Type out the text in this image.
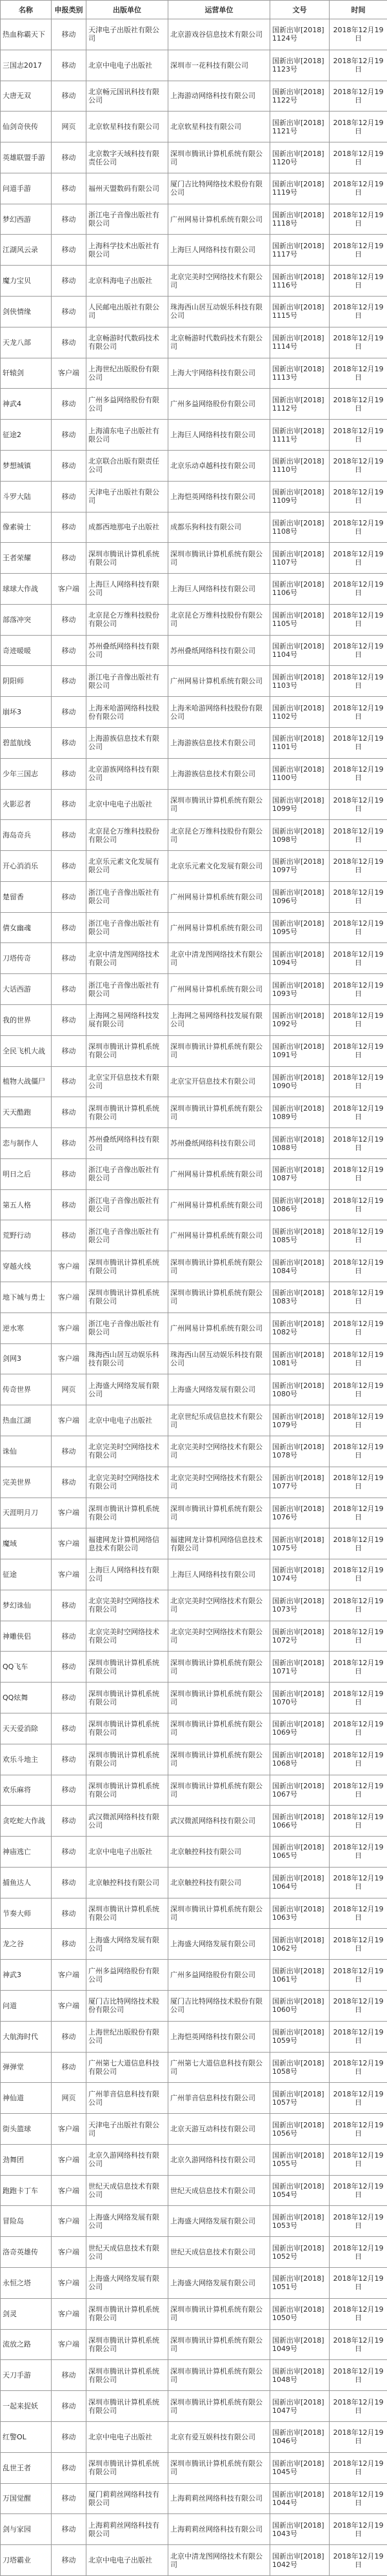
名称	申报类别	出版单位	运营单位	文号	时间
热血称霸天下	移动	天津电子出版社有限公司	北京游戏谷信息技术有限公司	国新出审[2018]1124号	2018年12月19日
三国志2017	移动	北京中电电子出版社	深圳市一花科技有限公司	国新出审[2018]1123号	2018年12月19日
大唐无双	移动	北京畅元国讯科技有限公司	上海游动网络科技有限公司	国新出审[2018]1122号	2018年12月19日
仙剑奇侠传	网页	北京软星科技有限公司	北京软星科技有限公司	国新出审[2018]1121号	2018年12月19日
英雄联盟手游	移动	北京数字天域科技有限责任公司	深圳市腾讯计算机系统有限公司	国新出审[2018]1120号	2018年12月19日
问道手游	移动	福州天盟数码有限公司	厦门吉比特网络技术股份有限公司	国新出审[2018]1119号	2018年12月19日
梦幻西游	移动	浙江电子音像出版社有限公司	广州网易计算机系统有限公司	国新出审[2018]1118号	2018年12月19日
江湖风云录	移动	上海科学技术出版社有限公司	上海巨人网络科技有限公司	国新出审[2018]1117号	2018年12月19日
魔力宝贝	移动	北京科海电子出版社	北京完美时空网络技术有限公司	国新出审[2018]1116号	2018年12月19日
剑侠情缘	移动	人民邮电出版社有限公司	珠海西山居互动娱乐科技有限公司	国新出审[2018]1115号	2018年12月19日
天龙八部	移动	北京畅游时代数码技术有限公司	北京畅游时代数码技术有限公司	国新出审[2018]1114号	2018年12月19日
轩辕剑	客户端	上海世纪出版股份有限公司	上海大宇网络科技有限公司	国新出审[2018]1113号	2018年12月19日
神武4	移动	广州多益网络股份有限公司	广州多益网络股份有限公司	国新出审[2018]1112号	2018年12月19日
征途2	移动	上海浦东电子出版社有限公司	上海巨人网络科技有限公司	国新出审[2018]1111号	2018年12月19日
梦想城镇	移动	北京联合出版有限责任公司	北京乐动卓越科技有限公司	国新出审[2018]1110号	2018年12月19日
斗罗大陆	移动	天津电子出版社有限公司	上海恺英网络科技有限公司	国新出审[2018]1109号	2018年12月19日
像素骑士	移动	成都西地那电子出版社	成都乐狗科技有限公司	国新出审[2018]1108号	2018年12月19日
王者荣耀	移动	深圳市腾讯计算机系统有限公司	深圳市腾讯计算机系统有限公司	国新出审[2018]1107号	2018年12月19日
球球大作战	客户端	上海巨人网络科技有限公司	上海巨人网络科技有限公司	国新出审[2018]1106号	2018年12月19日
部落冲突	移动	北京昆仑万维科技股份有限公司	北京昆仑万维科技股份有限公司	国新出审[2018]1105号	2018年12月19日
奇迹暖暖	移动	苏州叠纸网络科技有限公司	苏州叠纸网络科技有限公司	国新出审[2018]1104号	2018年12月19日
阴阳师	移动	浙江电子音像出版社有限公司	广州网易计算机系统有限公司	国新出审[2018]1103号	2018年12月19日
崩坏3	移动	上海米哈游网络科技股份有限公司	上海米哈游网络科技股份有限公司	国新出审[2018]1102号	2018年12月19日
碧蓝航线	移动	上海游族信息技术有限公司	上海游族信息技术有限公司	国新出审[2018]1101号	2018年12月19日
少年三国志	移动	北京游族网络科技有限公司	上海游族信息技术有限公司	国新出审[2018]1100号	2018年12月19日
火影忍者	移动	北京中电电子出版社	深圳市腾讯计算机系统有限公司	国新出审[2018]1099号	2018年12月19日
海岛奇兵	移动	北京昆仑万维科技股份有限公司	北京昆仑万维科技股份有限公司	国新出审[2018]1098号	2018年12月19日
开心消消乐	移动	北京乐元素文化发展有限公司	北京乐元素文化发展有限公司	国新出审[2018]1097号	2018年12月19日
楚留香	移动	浙江电子音像出版社有限公司	广州网易计算机系统有限公司	国新出审[2018]1096号	2018年12月19日
倩女幽魂	移动	浙江电子音像出版社有限公司	广州网易计算机系统有限公司	国新出审[2018]1095号	2018年12月19日
刀塔传奇	移动	北京中清龙图网络技术有限公司	北京中清龙图网络技术有限公司	国新出审[2018]1094号	2018年12月19日
大话西游	移动	浙江电子音像出版社有限公司	广州网易计算机系统有限公司	国新出审[2018]1093号	2018年12月19日
我的世界	移动	上海网之易网络科技发展有限公司	上海网之易网络科技发展有限公司	国新出审[2018]1092号	2018年12月19日
全民飞机大战	移动	深圳市腾讯计算机系统有限公司	深圳市腾讯计算机系统有限公司	国新出审[2018]1091号	2018年12月19日
植物大战僵尸	移动	北京宝开信息技术有限公司	北京宝开信息技术有限公司	国新出审[2018]1090号	2018年12月19日
天天酷跑	移动	深圳市腾讯计算机系统有限公司	深圳市腾讯计算机系统有限公司	国新出审[2018]1089号	2018年12月19日
恋与制作人	移动	苏州叠纸网络科技有限公司	苏州叠纸网络科技有限公司	国新出审[2018]1088号	2018年12月19日
明日之后	移动	浙江电子音像出版社有限公司	广州网易计算机系统有限公司	国新出审[2018]1087号	2018年12月19日
第五人格	移动	浙江电子音像出版社有限公司	广州网易计算机系统有限公司	国新出审[2018]1086号	2018年12月19日
荒野行动	移动	浙江电子音像出版社有限公司	广州网易计算机系统有限公司	国新出审[2018]1085号	2018年12月19日
穿越火线	客户端	深圳市腾讯计算机系统有限公司	深圳市腾讯计算机系统有限公司	国新出审[2018]1084号	2018年12月19日
地下城与勇士	客户端	深圳市腾讯计算机系统有限公司	深圳市腾讯计算机系统有限公司	国新出审[2018]1083号	2018年12月19日
逆水寒	客户端	浙江电子音像出版社有限公司	广州网易计算机系统有限公司	国新出审[2018]1082号	2018年12月19日
剑网3	客户端	珠海西山居互动娱乐科技有限公司	珠海西山居互动娱乐科技有限公司	国新出审[2018]1081号	2018年12月19日
传奇世界	网页	上海盛大网络发展有限公司	上海盛大网络发展有限公司	国新出审[2018]1080号	2018年12月19日
热血江湖	客户端	北京中电电子出版社	北京世纪乐成信息技术有限公司	国新出审[2018]1079号	2018年12月19日
诛仙	移动	北京完美时空网络技术有限公司	北京完美时空网络技术有限公司	国新出审[2018]1078号	2018年12月19日
完美世界	移动	北京完美时空网络技术有限公司	北京完美时空网络技术有限公司	国新出审[2018]1077号	2018年12月19日
天涯明月刀	客户端	深圳市腾讯计算机系统有限公司	深圳市腾讯计算机系统有限公司	国新出审[2018]1076号	2018年12月19日
魔域	客户端	福建网龙计算机网络信息技术有限公司	福建网龙计算机网络信息技术有限公司	国新出审[2018]1075号	2018年12月19日
征途	客户端	上海巨人网络科技有限公司	上海巨人网络科技有限公司	国新出审[2018]1074号	2018年12月19日
梦幻诛仙	移动	北京完美时空网络技术有限公司	北京完美时空网络技术有限公司	国新出审[2018]1073号	2018年12月19日
神雕侠侣	移动	北京完美时空网络技术有限公司	北京完美时空网络技术有限公司	国新出审[2018]1072号	2018年12月19日
QQ飞车	移动	深圳市腾讯计算机系统有限公司	深圳市腾讯计算机系统有限公司	国新出审[2018]1071号	2018年12月19日
QQ炫舞	移动	深圳市腾讯计算机系统有限公司	深圳市腾讯计算机系统有限公司	国新出审[2018]1070号	2018年12月19日
天天爱消除	移动	深圳市腾讯计算机系统有限公司	深圳市腾讯计算机系统有限公司	国新出审[2018]1069号	2018年12月19日
欢乐斗地主	移动	深圳市腾讯计算机系统有限公司	深圳市腾讯计算机系统有限公司	国新出审[2018]1068号	2018年12月19日
欢乐麻将	移动	深圳市腾讯计算机系统有限公司	深圳市腾讯计算机系统有限公司	国新出审[2018]1067号	2018年12月19日
贪吃蛇大作战	移动	武汉微派网络科技有限公司	武汉微派网络科技有限公司	国新出审[2018]1066号	2018年12月19日
神庙逃亡	移动	北京中电电子出版社	北京触控科技有限公司	国新出审[2018]1065号	2018年12月19日
捕鱼达人	移动	北京触控科技有限公司	北京触控科技有限公司	国新出审[2018]1064号	2018年12月19日
节奏大师	移动	深圳市腾讯计算机系统有限公司	深圳市腾讯计算机系统有限公司	国新出审[2018]1063号	2018年12月19日
龙之谷	移动	上海盛大网络发展有限公司	上海盛大网络发展有限公司	国新出审[2018]1062号	2018年12月19日
神武3	客户端	广州多益网络股份有限公司	广州多益网络股份有限公司	国新出审[2018]1061号	2018年12月19日
问道	客户端	厦门吉比特网络技术股份有限公司	厦门吉比特网络技术股份有限公司	国新出审[2018]1060号	2018年12月19日
大航海时代	移动	上海世纪出版股份有限公司	上海恺英网络科技有限公司	国新出审[2018]1059号	2018年12月19日
弹弹堂	移动	广州第七大道信息科技有限公司	广州第七大道信息科技有限公司	国新出审[2018]1058号	2018年12月19日
神仙道	网页	广州菲音信息科技有限公司	广州菲音信息科技有限公司	国新出审[2018]1057号	2018年12月19日
街头篮球	客户端	天津电子出版社有限公司	北京天游互动科技有限公司	国新出审[2018]1056号	2018年12月19日
劲舞团	客户端	北京久游网络科技有限公司	北京久游网络科技有限公司	国新出审[2018]1055号	2018年12月19日
跑跑卡丁车	客户端	世纪天成信息技术有限公司	世纪天成信息技术有限公司	国新出审[2018]1054号	2018年12月19日
冒险岛	客户端	上海盛大网络发展有限公司	上海盛大网络发展有限公司	国新出审[2018]1053号	2018年12月19日
洛奇英雄传	客户端	世纪天成信息技术有限公司	世纪天成信息技术有限公司	国新出审[2018]1052号	2018年12月19日
永恒之塔	客户端	上海盛大网络发展有限公司	上海盛大网络发展有限公司	国新出审[2018]1051号	2018年12月19日
剑灵	客户端	深圳市腾讯计算机系统有限公司	深圳市腾讯计算机系统有限公司	国新出审[2018]1050号	2018年12月19日
流放之路	客户端	深圳市腾讯计算机系统有限公司	深圳市腾讯计算机系统有限公司	国新出审[2018]1049号	2018年12月19日
天刀手游	移动	深圳市腾讯计算机系统有限公司	深圳市腾讯计算机系统有限公司	国新出审[2018]1048号	2018年12月19日
一起来捉妖	移动	深圳市腾讯计算机系统有限公司	深圳市腾讯计算机系统有限公司	国新出审[2018]1047号	2018年12月19日
红警OL	移动	北京中电电子出版社	北京有爱互娱科技有限公司	国新出审[2018]1046号	2018年12月19日
乱世王者	移动	深圳市腾讯计算机系统有限公司	深圳市腾讯计算机系统有限公司	国新出审[2018]1045号	2018年12月19日
万国觉醒	移动	厦门莉莉丝网络科技有限公司	上海莉莉丝网络科技有限公司	国新出审[2018]1044号	2018年12月19日
剑与家园	移动	上海莉莉丝网络科技有限公司	上海莉莉丝网络科技有限公司	国新出审[2018]1043号	2018年12月19日
刀塔霸业	移动	北京中电电子出版社	北京中清龙图网络技术有限公司	国新出审[2018]1042号	2018年12月19日
